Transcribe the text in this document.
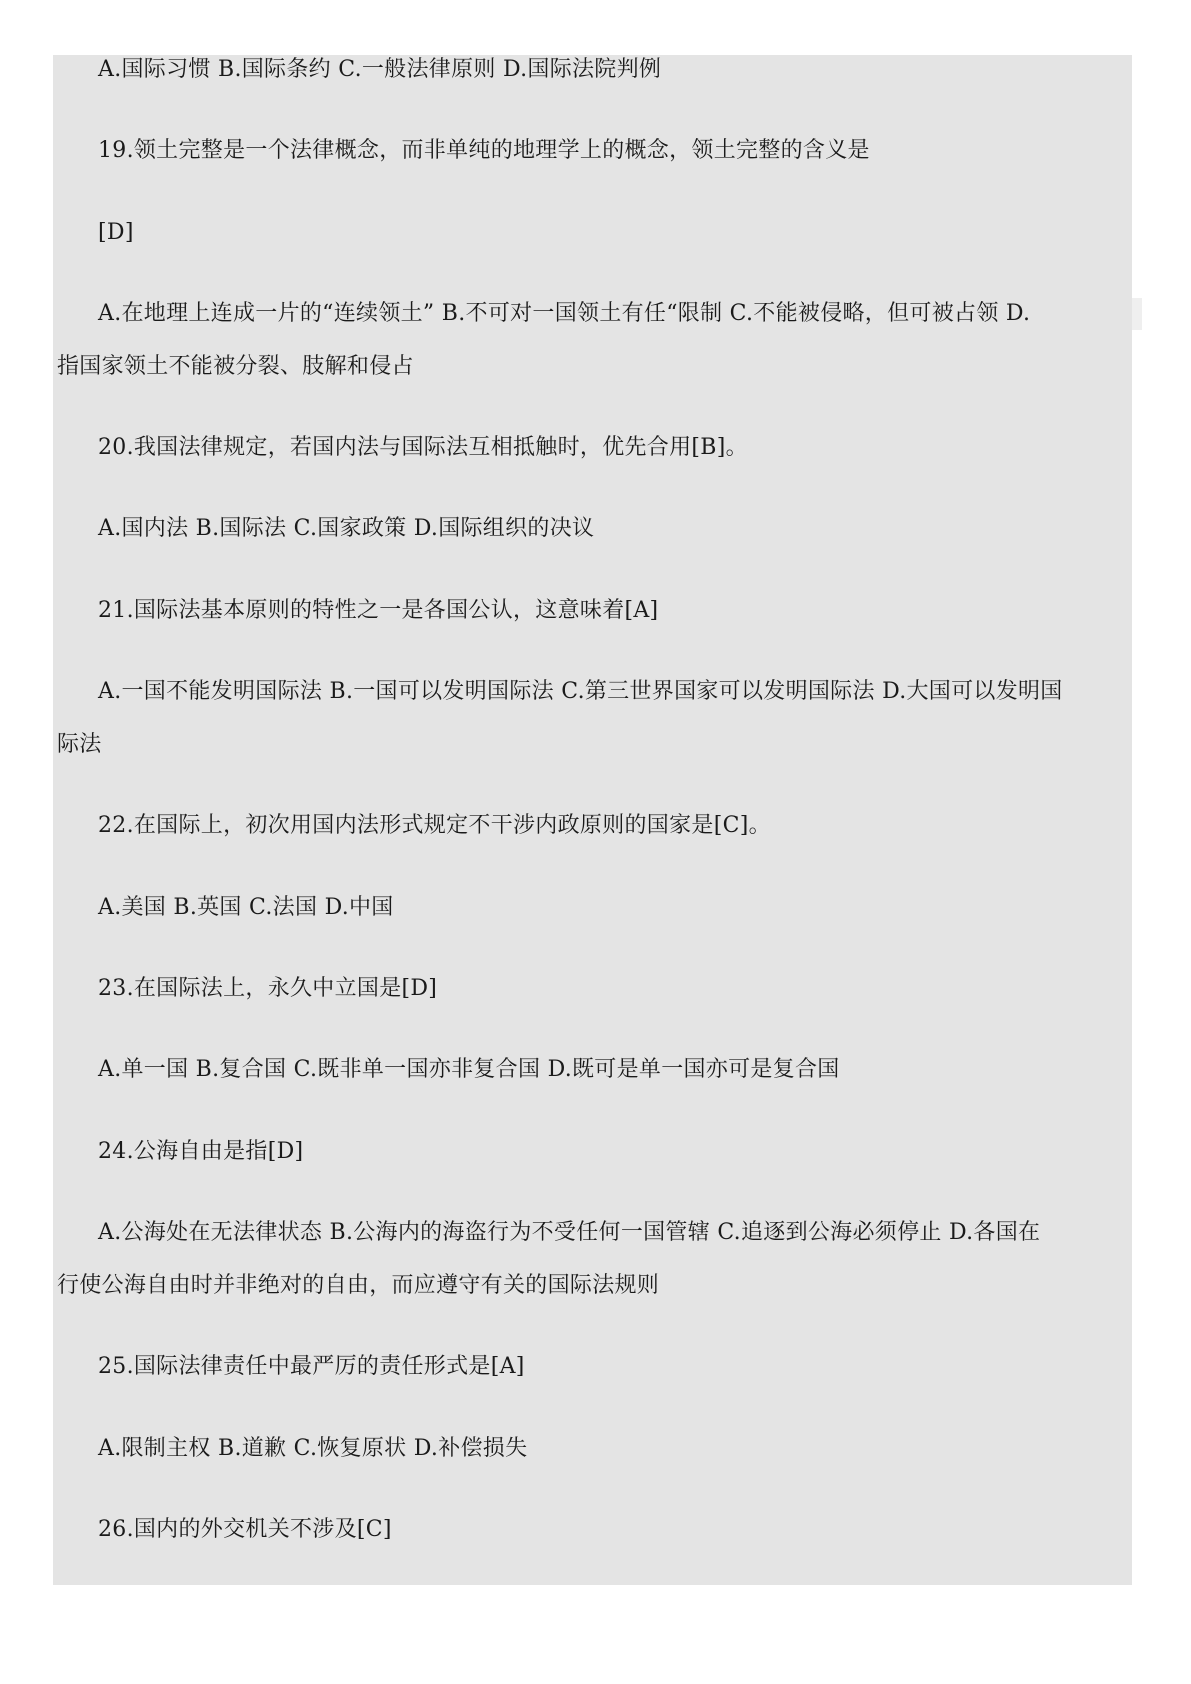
A.国际习惯 B.国际条约 C.一般法律原则 D.国际法院判例
19.领土完整是一个法律概念，而非单纯的地理学上的概念，领土完整的含义是
[D]
A.在地理上连成一片的“连续领土” B.不可对一国领土有任“限制 C.不能被侵略，但可被占领 D.
指国家领土不能被分裂、肢解和侵占
20.我国法律规定，若国内法与国际法互相抵触时，优先合用[B]。
A.国内法 B.国际法 C.国家政策 D.国际组织的决议
21.国际法基本原则的特性之一是各国公认，这意味着[A]
A.一国不能发明国际法 B.一国可以发明国际法 C.第三世界国家可以发明国际法 D.大国可以发明国
际法
22.在国际上，初次用国内法形式规定不干涉内政原则的国家是[C]。
A.美国 B.英国 C.法国 D.中国
23.在国际法上，永久中立国是[D]
A.单一国 B.复合国 C.既非单一国亦非复合国 D.既可是单一国亦可是复合国
24.公海自由是指[D]
A.公海处在无法律状态 B.公海内的海盗行为不受任何一国管辖 C.追逐到公海必须停止 D.各国在
行使公海自由时并非绝对的自由，而应遵守有关的国际法规则
25.国际法律责任中最严厉的责任形式是[A]
A.限制主权 B.道歉 C.恢复原状 D.补偿损失
26.国内的外交机关不涉及[C]
